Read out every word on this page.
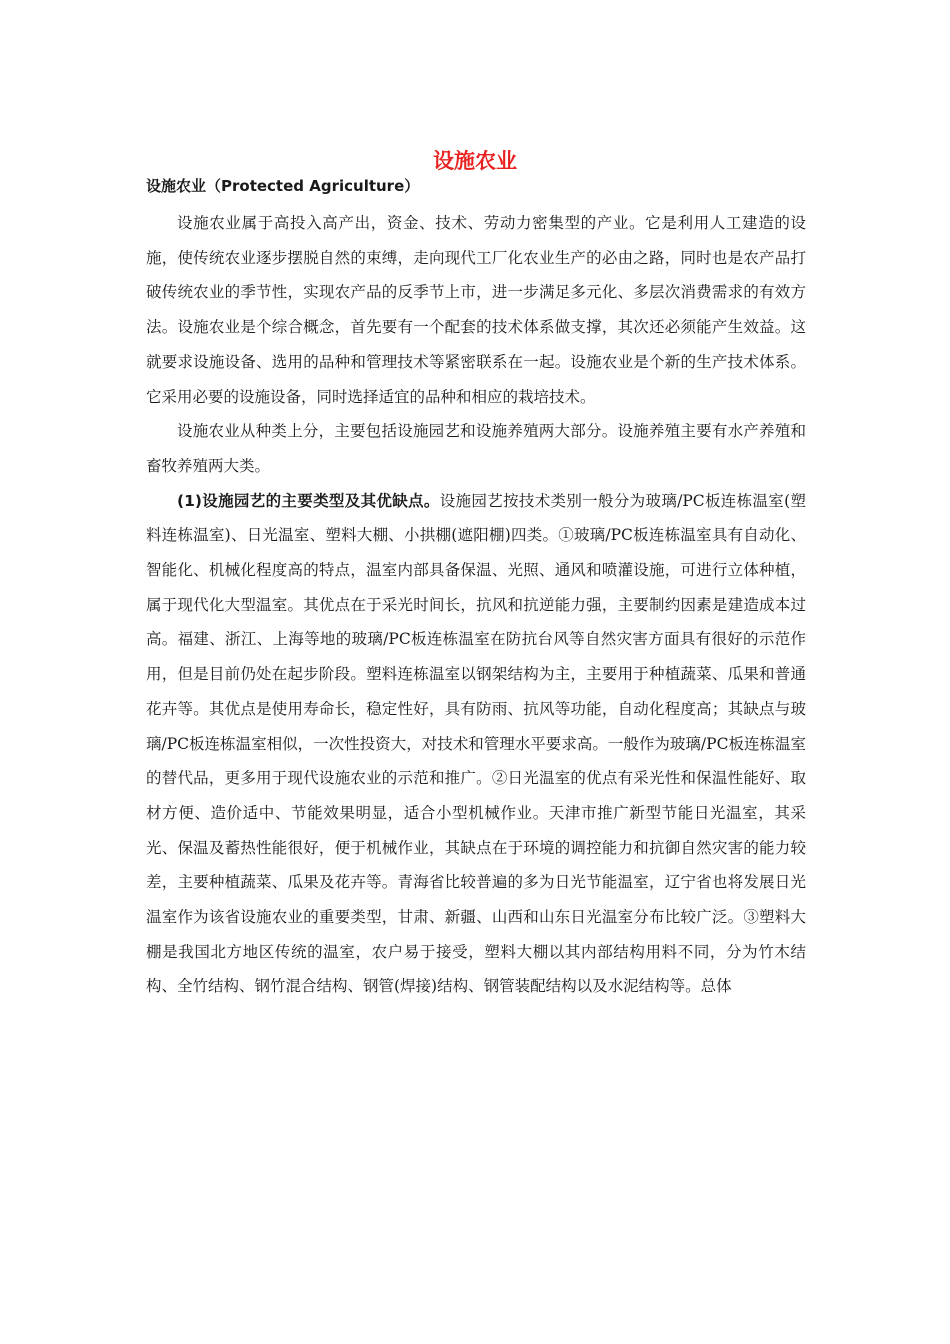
设施农业
设施农业（Protected Agriculture）

设施农业属于高投入高产出，资金、技术、劳动力密集型的产业。它是利用人工建造的设施，使传统农业逐步摆脱自然的束缚，走向现代工厂化农业生产的必由之路，同时也是农产品打破传统农业的季节性，实现农产品的反季节上市，进一步满足多元化、多层次消费需求的有效方法。设施农业是个综合概念，首先要有一个配套的技术体系做支撑，其次还必须能产生效益。这就要求设施设备、选用的品种和管理技术等紧密联系在一起。设施农业是个新的生产技术体系。它采用必要的设施设备，同时选择适宜的品种和相应的栽培技术。

设施农业从种类上分，主要包括设施园艺和设施养殖两大部分。设施养殖主要有水产养殖和畜牧养殖两大类。

(1)设施园艺的主要类型及其优缺点。设施园艺按技术类别一般分为玻璃/PC板连栋温室(塑料连栋温室)、日光温室、塑料大棚、小拱棚(遮阳棚)四类。①玻璃/PC板连栋温室具有自动化、智能化、机械化程度高的特点，温室内部具备保温、光照、通风和喷灌设施，可进行立体种植，属于现代化大型温室。其优点在于采光时间长，抗风和抗逆能力强，主要制约因素是建造成本过高。福建、浙江、上海等地的玻璃/PC板连栋温室在防抗台风等自然灾害方面具有很好的示范作用，但是目前仍处在起步阶段。塑料连栋温室以钢架结构为主，主要用于种植蔬菜、瓜果和普通花卉等。其优点是使用寿命长，稳定性好，具有防雨、抗风等功能，自动化程度高；其缺点与玻璃/PC板连栋温室相似，一次性投资大，对技术和管理水平要求高。一般作为玻璃/PC板连栋温室的替代品，更多用于现代设施农业的示范和推广。②日光温室的优点有采光性和保温性能好、取材方便、造价适中、节能效果明显，适合小型机械作业。天津市推广新型节能日光温室，其采光、保温及蓄热性能很好，便于机械作业，其缺点在于环境的调控能力和抗御自然灾害的能力较差，主要种植蔬菜、瓜果及花卉等。青海省比较普遍的多为日光节能温室，辽宁省也将发展日光温室作为该省设施农业的重要类型，甘肃、新疆、山西和山东日光温室分布比较广泛。③塑料大棚是我国北方地区传统的温室，农户易于接受，塑料大棚以其内部结构用料不同，分为竹木结构、全竹结构、钢竹混合结构、钢管(焊接)结构、钢管装配结构以及水泥结构等。总体
